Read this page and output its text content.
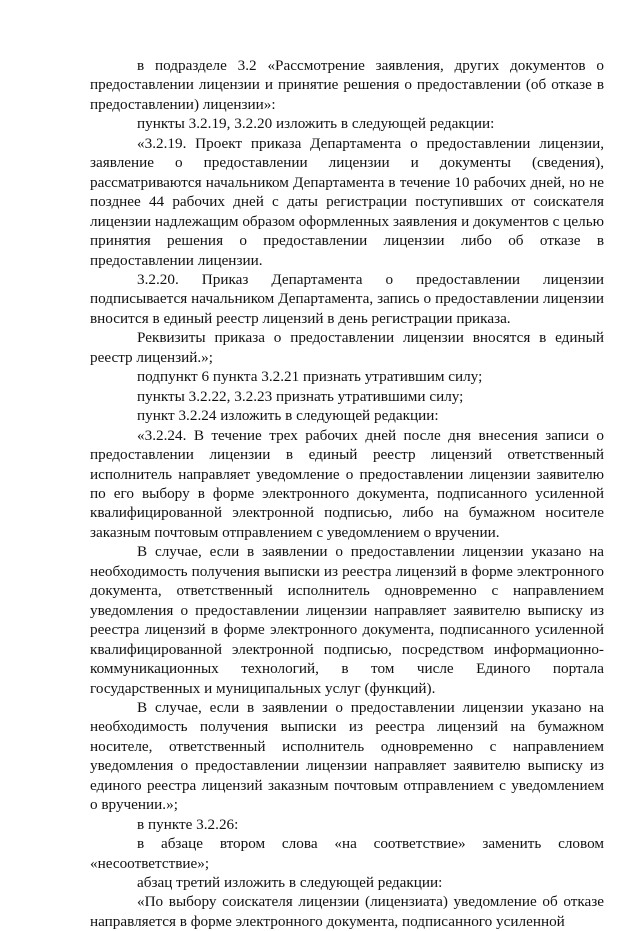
в подразделе 3.2 «Рассмотрение заявления, других документов о предоставлении лицензии и принятие решения о предоставлении (об отказе в предоставлении) лицензии»:

пункты 3.2.19, 3.2.20 изложить в следующей редакции:

«3.2.19. Проект приказа Департамента о предоставлении лицензии, заявление о предоставлении лицензии и документы (сведения), рассматриваются начальником Департамента в течение 10 рабочих дней, но не позднее 44 рабочих дней с даты регистрации поступивших от соискателя лицензии надлежащим образом оформленных заявления и документов с целью принятия решения о предоставлении лицензии либо об отказе в предоставлении лицензии.

3.2.20. Приказ Департамента о предоставлении лицензии подписывается начальником Департамента, запись о предоставлении лицензии вносится в единый реестр лицензий в день регистрации приказа.

Реквизиты приказа о предоставлении лицензии вносятся в единый реестр лицензий.»;

подпункт 6 пункта 3.2.21 признать утратившим силу;

пункты 3.2.22, 3.2.23 признать утратившими силу;

пункт 3.2.24 изложить в следующей редакции:

«3.2.24. В течение трех рабочих дней после дня внесения записи о предоставлении лицензии в единый реестр лицензий ответственный исполнитель направляет уведомление о предоставлении лицензии заявителю по его выбору в форме электронного документа, подписанного усиленной квалифицированной электронной подписью, либо на бумажном носителе заказным почтовым отправлением с уведомлением о вручении.

В случае, если в заявлении о предоставлении лицензии указано на необходимость получения выписки из реестра лицензий в форме электронного документа, ответственный исполнитель одновременно с направлением уведомления о предоставлении лицензии направляет заявителю выписку из реестра лицензий в форме электронного документа, подписанного усиленной квалифицированной электронной подписью, посредством информационно-коммуникационных технологий, в том числе Единого портала государственных и муниципальных услуг (функций).

В случае, если в заявлении о предоставлении лицензии указано на необходимость получения выписки из реестра лицензий на бумажном носителе, ответственный исполнитель одновременно с направлением уведомления о предоставлении лицензии направляет заявителю выписку из единого реестра лицензий заказным почтовым отправлением с уведомлением о вручении.»;

в пункте 3.2.26:

в абзаце втором слова «на соответствие» заменить словом «несоответствие»;

абзац третий изложить в следующей редакции:

«По выбору соискателя лицензии (лицензиата) уведомление об отказе направляется в форме электронного документа, подписанного усиленной
